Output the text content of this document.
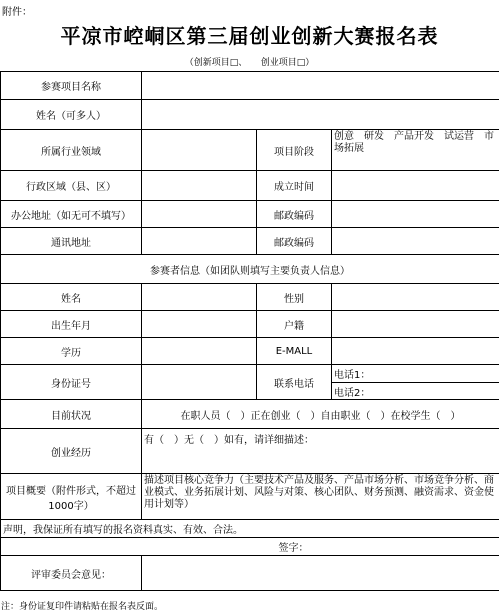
附件：
平凉市崆峒区第三届创业创新大赛报名表
（创新项目□、　　创业项目□）
参赛项目名称			
姓名（可多人）			
所属行业领域		项目阶段	创意　研发　产品开发　试运营　市场拓展
行政区域（县、区）		成立时间	
办公地址（如无可不填写）		邮政编码	
通讯地址		邮政编码	
参赛者信息（如团队则填写主要负责人信息）			
姓名		性别	
出生年月		户籍	
学历		E-MALL	
身份证号		联系电话	电话1：
			电话2：
目前状况	在职人员（　）正在创业（　）自由职业（　）在校学生（　）		
创业经历	有（　）无（　）如有，请详细描述：		
项目概要（附件形式，不超过1000字）	描述项目核心竞争力（主要技术产品及服务、产品市场分析、市场竞争分析、商业模式、业务拓展计划、风险与对策、核心团队、财务预测、融资需求、资金使用计划等）		
声明，我保证所有填写的报名资料真实、有效、合法。			
		签字：	
评审委员会意见：			
注：身份证复印件请粘贴在报名表反面。
